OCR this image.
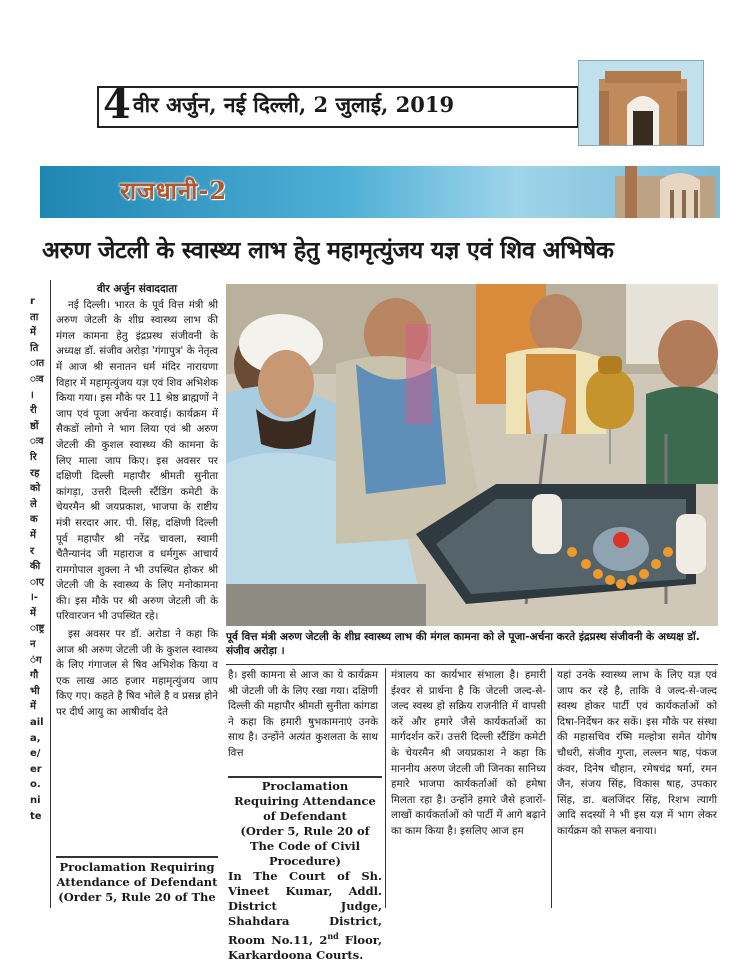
4 वीर अर्जुन, नई दिल्ली, 2 जुलाई, 2019
राजधानी-2
अरुण जेटली के स्वास्थ्य लाभ हेतु महामृत्युंजय यज्ञ एवं शिव अभिषेक
r
ता
में
ति
ात
ःव
।
री
ष्ठों
ःव
रि
रह
को
ले
क
में
र
की
ाए
।-
में
ाष्ट्र
न
ंग
गौ
भी
में
ail
a,
e/
er
o.
ni
te
वीर अर्जुन संवाददाता

नई दिल्ली। भारत के पूर्व वित्त मंत्री श्री अरुण जेटली के शीघ्र स्वास्थ्य लाभ की मंगल कामना हेतु इंद्रप्रस्थ संजीवनी के अध्यक्ष डॉ. संजीव अरोड़ा 'गंगापुत्र' के नेतृत्व में आज श्री सनातन धर्म मंदिर नारायणा विहार में महामृत्युंजय यज्ञ एवं शिव अभिशेक किया गया। इस मौके पर 11 श्रेष्ठ ब्राह्मणों ने जाप एवं पूजा अर्चना करवाई। कार्यक्रम में सैकडों लोगो ने भाग लिया एवं श्री अरुण जेटली की कुशल स्वास्थ्य की कामना के लिए माला जाप किए। इस अवसर पर दक्षिणी दिल्ली महापौर श्रीमती सुनीता कांगड़ा, उत्तरी दिल्ली स्टैंडिंग कमेटी के चेयरमैन श्री जयप्रकाश, भाजपा के राष्टीय मंत्री सरदार आर. पी. सिंह, दक्षिणी दिल्ली पूर्व महापौर श्री नरेंद्र चावला, स्वामी चैतैन्यानंद जी महाराज व धर्मगुरू आचार्य रामगोपाल शुक्ला ने भी उपस्थित होकर श्री जेटली जी के स्वास्थ्य के लिए मनोकामना की। इस मौके पर श्री अरुण जेटली जी के परिवारजन भी उपस्थित रहे।

इस अवसर पर डॉ. अरोडा ने कहा कि आज श्री अरुण जेटली जी के कुशल स्वास्थ्य के लिए गंगाजल से षिव अभिशेक किया व एक लाख आठ हजार महामृत्युंजय जाप किए गए। कहते है षिव भोले है व प्रसन्न होने पर दीर्घ आयु का आषीर्वाद देते

Proclamation Requiring Attendance of Defendant
(Order 5, Rule 20 of The
पूर्व वित्त मंत्री अरुण जेटली के शीघ्र स्वास्थ्य लाभ की मंगल कामना को ले पूजा-अर्चना करते इंद्रप्रस्थ संजीवनी के अध्यक्ष डॉ. संजीव अरोड़ा ।

है। इसी कामना से आज का ये कार्यक्रम श्री जेटली जी के लिए रखा गया। दक्षिणी दिल्ली की महापौर श्रीमती सुनीता कांगडा ने कहा कि हमारी षुभकामनाएं उनके साथ है। उन्होंने अत्यंत कुशलता के साथ वित्त

Proclamation Requiring Attendance of Defendant
(Order 5, Rule 20 of The Code of Civil Procedure)
In The Court of Sh. Vineet Kumar, Addl. District Judge, Shahdara District, Room No.11, 2nd Floor, Karkardoona Courts.

मंत्रालय का कार्यभार संभाला है। हमारी ईश्वर से प्रार्थना है कि जेटली जल्द-से-जल्द स्वस्थ हो सक्रिय राजनीति में वापसी करें और हमारे जैसे कार्यकर्ताओं का मार्गदर्शन करें। उत्तरी दिल्ली स्टैंडिंग कमेटी के चेयरमैन श्री जयप्रकाश ने कहा कि माननीय अरुण जेटली जी जिनका सानिध्य हमारे भाजपा कार्यकर्ताओं को हमेषा मिलता रहा है। उन्होंने हमारे जैसे हजारों-लाखों कार्यकर्ताओं को पार्टी में आगे बढ़ाने का काम किया है। इसलिए आज हम

यहां उनके स्वास्थ्य लाभ के लिए यज्ञ एवं जाप कर रहे है, ताकि वे जल्द-से-जल्द स्वस्थ होकर पार्टी एवं कार्यकर्ताओं को दिषा-निर्देषन कर सकें। इस मौके पर संस्था की महासचिव रष्मि मल्होत्रा समेत योगेष चौधरी, संजीव गुप्ता, लल्लन षाह, पंकज कंवर, दिनेष चौहान, रमेषचंद्र षर्मा, रमन जैन, संजय सिंह, विकास षाह, उपकार सिंह, डा. बलजिंदर सिंह, रिशभ त्यागी आदि सदस्यों ने भी इस यज्ञ में भाग लेकर कार्यक्रम को सफल बनाया।
